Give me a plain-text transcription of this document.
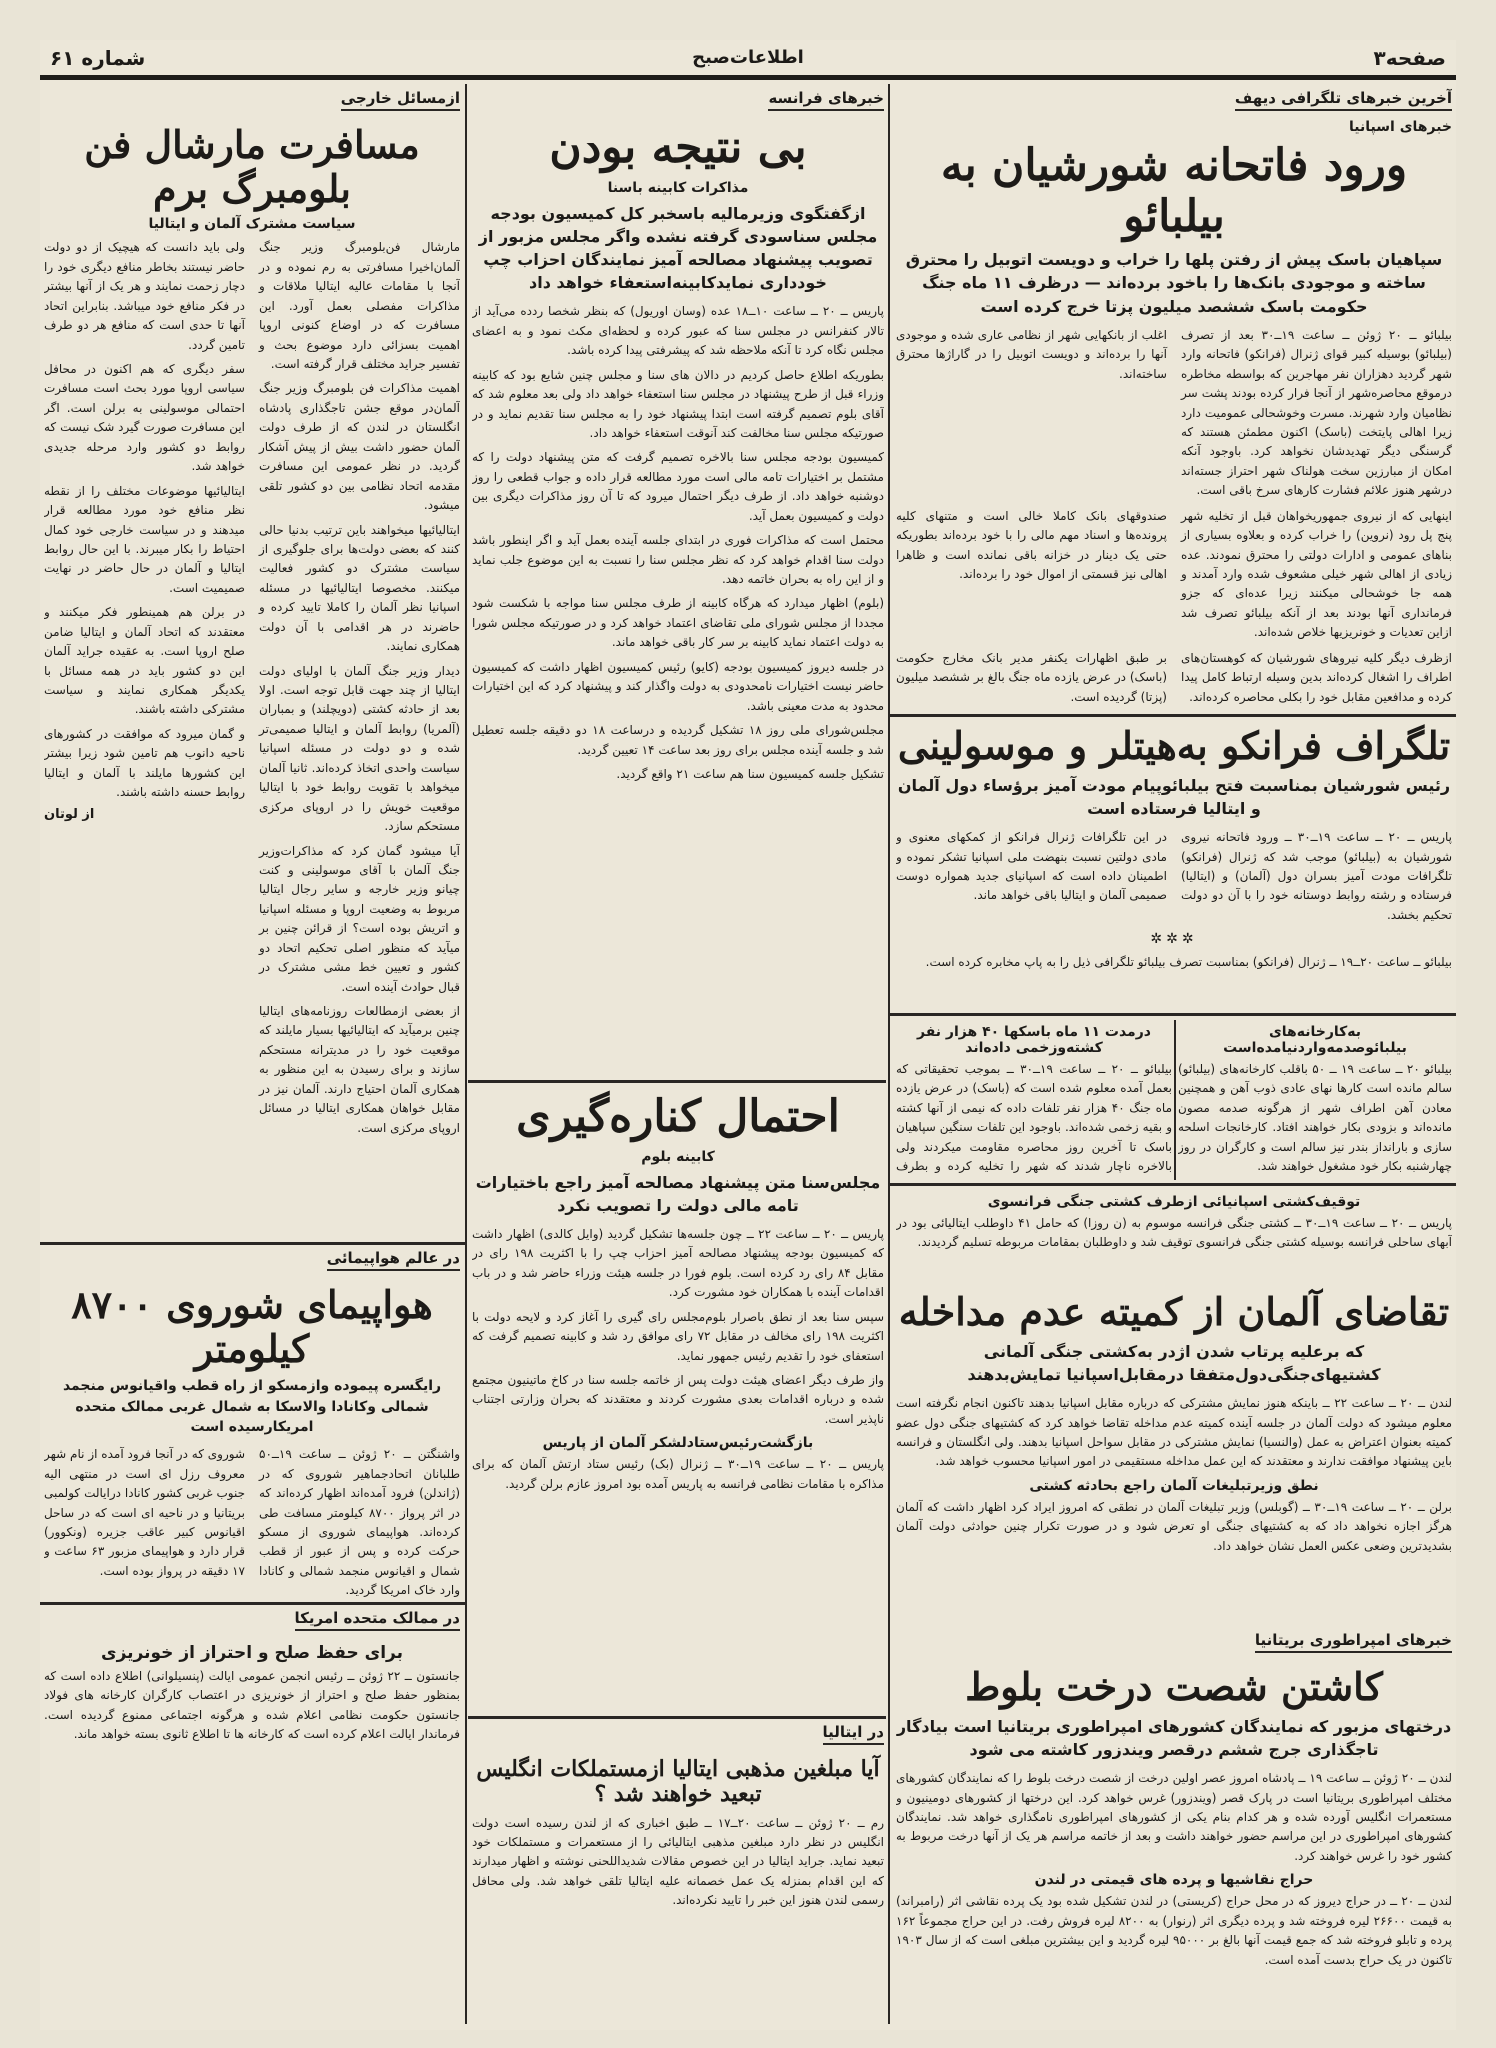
صفحه۳
اطلاعات‌صبح
شماره ۶۱
آخرین خبرهای تلگرافی دیهف
خبرهای اسپانیا
ورود فاتحانه شورشیان به بیلبائو
سپاهیان باسک پیش از رفتن پلها را خراب و دویست اتوبیل را محترق ساخته و موجودی بانک‌ها را باخود برده‌اند — درظرف ۱۱ ماه جنگ حکومت باسک ششصد میلیون پزتا خرج کرده است

بیلبائو ــ ۲۰ ژوئن ــ ساعت ۱۹ــ۳۰ بعد از تصرف (بیلبائو) بوسیله کبیر قوای ژنرال (فرانکو) فاتحانه وارد شهر گردید دهزاران نفر مهاجرین که بواسطه مخاطره درموقع محاصره‌شهر از آنجا فرار کرده بودند پشت سر نظامیان وارد شهرند. مسرت وخوشحالی عمومیت دارد زیرا اهالی پایتخت (باسک) اکنون مطمئن هستند که گرسنگی دیگر تهدیدشان نخواهد کرد. باوجود آنکه امکان از مبارزین سخت هولناک شهر احتراز جسته‌اند درشهر هنوز علائم فشارت کارهای سرخ باقی است.

اغلب از بانکهایی شهر از نظامی عاری شده و موجودی آنها را برده‌اند و دویست اتوبیل را در گاراژها محترق ساخته‌اند.

اینهایی که از نیروی جمهوریخواهان قبل از تخلیه شهر پنج پل رود (نروین) را خراب کرده و بعلاوه بسیاری از بناهای عمومی و ادارات دولتی را محترق نمودند. عده زیادی از اهالی شهر خیلی مشعوف شده وارد آمدند و همه جا خوشحالی میکنند زیرا عده‌ای که جزو فرمانداری آنها بودند بعد از آنکه بیلبائو تصرف شد ازاین تعدیات و خونریزیها خلاص شده‌اند.

صندوقهای بانک کاملا خالی است و متنهای کلیه پرونده‌ها و اسناد مهم مالی را با خود برده‌اند بطوریکه حتی یک دینار در خزانه باقی نمانده است و ظاهرا اهالی نیز قسمتی از اموال خود را برده‌اند.

ازظرف دیگر کلیه نیروهای شورشیان که کوهستان‌های اطراف را اشغال کرده‌اند بدین وسیله ارتباط کامل پیدا کرده و مدافعین مقابل خود را بکلی محاصره کرده‌اند.

بر طبق اظهارات یکنفر مدیر بانک مخارج حکومت (باسک) در عرض یازده ماه جنگ بالغ بر ششصد میلیون (پزتا) گردیده است.

تلگراف فرانکو به‌هیتلر و موسولینی
رئیس شورشیان بمناسبت فتح بیلبائوپیام مودت آمیز برؤساء دول آلمان و ایتالیا فرستاده است

پاریس ــ ۲۰ ــ ساعت ۱۹ــ۳۰ ــ ورود فاتحانه نیروی شورشیان به (بیلبائو) موجب شد که ژنرال (فرانکو) تلگرافات مودت آمیز بسران دول (آلمان) و (ایتالیا) فرستاده و رشته روابط دوستانه خود را با آن دو دولت تحکیم بخشد.

در این تلگرافات ژنرال فرانکو از کمکهای معنوی و مادی دولتین نسبت بنهضت ملی اسپانیا تشکر نموده و اطمینان داده است که اسپانیای جدید همواره دوست صمیمی آلمان و ایتالیا باقی خواهد ماند.

✲✲✲

بیلبائو ــ ساعت ۲۰ــ۱۹ ــ ژنرال (فرانکو) بمناسبت تصرف بیلبائو تلگرافی ذیل را به پاپ مخابره کرده است.

درمدت ۱۱ ماه باسکها ۴۰ هزار نفر کشته‌وزخمی داده‌اند

بیلبائو ــ ۲۰ ــ ساعت ۱۹ــ۳۰ ــ بموجب تحقیقاتی که بعمل آمده معلوم شده است که (باسک) در عرض یازده ماه جنگ ۴۰ هزار نفر تلفات داده که نیمی از آنها کشته و بقیه زخمی شده‌اند. باوجود این تلفات سنگین سپاهیان باسک تا آخرین روز محاصره مقاومت میکردند ولی بالاخره ناچار شدند که شهر را تخلیه کرده و بطرف

به‌کارخانه‌های بیلبائوصدمه‌واردنیامده‌است

بیلبائو ۲۰ ــ ساعت ۱۹ ــ ۵۰ باقلب کارخانه‌های (بیلبائو) سالم مانده است کارها نهای عادی ذوب آهن و همچنین معادن آهن اطراف شهر از هرگونه صدمه مصون مانده‌اند و بزودی بکار خواهند افتاد. کارخانجات اسلحه سازی و بارانداز بندر نیز سالم است و کارگران در روز چهارشنبه بکار خود مشغول خواهند شد.

توقیف‌کشتی اسپانیائی ازطرف کشتی جنگی فرانسوی

پاریس ــ ۲۰ ــ ساعت ۱۹ــ۳۰ ــ کشتی جنگی فرانسه موسوم به (ن روزا) که حامل ۴۱ داوطلب ایتالیائی بود در آبهای ساحلی فرانسه بوسیله کشتی جنگی فرانسوی توقیف شد و داوطلبان بمقامات مربوطه تسلیم گردیدند.

تقاضای آلمان از کمیته عدم مداخله
که برعلیه پرتاب شدن اژدر به‌کشتی جنگی آلمانی کشتیهای‌جنگی‌دول‌متفقا درمقابل‌اسپانیا تمایش‌بدهند

لندن ــ ۲۰ ــ ساعت ۲۲ ــ باینکه هنوز نمایش مشترکی که درباره مقابل اسپانیا بدهند تاکنون انجام نگرفته است معلوم میشود که دولت آلمان در جلسه آینده کمیته عدم مداخله تقاضا خواهد کرد که کشتیهای جنگی دول عضو کمیته بعنوان اعتراض به عمل (والنسیا) نمایش مشترکی در مقابل سواحل اسپانیا بدهند. ولی انگلستان و فرانسه باین پیشنهاد موافقت ندارند و معتقدند که این عمل مداخله مستقیمی در امور اسپانیا محسوب خواهد شد.

نطق وزیرتبلیغات آلمان راجع بحادثه کشتی

برلن ــ ۲۰ ــ ساعت ۱۹ــ۳۰ ــ (گوبلس) وزیر تبلیغات آلمان در نطقی که امروز ایراد کرد اظهار داشت که آلمان هرگز اجازه نخواهد داد که به کشتیهای جنگی او تعرض شود و در صورت تکرار چنین حوادثی دولت آلمان بشدیدترین وضعی عکس العمل نشان خواهد داد.

خبرهای امپراطوری بریتانیا
کاشتن شصت درخت بلوط
درختهای مزبور که نمایندگان کشورهای امپراطوری بریتانیا است بیادگار تاجگذاری جرج ششم درقصر ویندزور کاشته می شود

لندن ــ ۲۰ ژوئن ــ ساعت ۱۹ ــ پادشاه امروز عصر اولین درخت از شصت درخت بلوط را که نمایندگان کشورهای مختلف امپراطوری بریتانیا است در پارک قصر (ویندزور) غرس خواهد کرد. این درختها از کشورهای دومینیون و مستعمرات انگلیس آورده شده و هر کدام بنام یکی از کشورهای امپراطوری نامگذاری خواهد شد. نمایندگان کشورهای امپراطوری در این مراسم حضور خواهند داشت و بعد از خاتمه مراسم هر یک از آنها درخت مربوط به کشور خود را غرس خواهند کرد.

حراج نقاشیها و پرده های قیمتی در لندن

لندن ــ ۲۰ ــ در حراج دیروز که در محل حراج (کریستی) در لندن تشکیل شده بود یک پرده نقاشی اثر (رامبراند) به قیمت ۲۶۶۰۰ لیره فروخته شد و پرده دیگری اثر (رنوار) به ۸۲۰۰ لیره فروش رفت. در این حراج مجموعاً ۱۶۲ پرده و تابلو فروخته شد که جمع قیمت آنها بالغ بر ۹۵۰۰۰ لیره گردید و این بیشترین مبلغی است که از سال ۱۹۰۳ تاکنون در یک حراج بدست آمده است.

خبرهای فرانسه
بی نتیجه بودن
مذاکرات کابینه باسنا
ازگفتگوی وزیرمالیه باسخبر کل کمیسیون بودجه مجلس سناسودی گرفته نشده واگر مجلس مزبور از تصویب پیشنهاد مصالحه آمیز نمایندگان احزاب چپ خودداری نمایدکابینه‌استعفاء خواهد داد

پاریس ــ ۲۰ ــ ساعت ۱۰ــ۱۸ عده (وسان اوریول) که بنظر شخصا ردده می‌آید از تالار کنفرانس در مجلس سنا که عبور کرده و لحظه‌ای مکث نمود و به اعضای مجلس نگاه کرد تا آنکه ملاحظه شد که پیشرفتی پیدا کرده باشد.

بطوریکه اطلاع حاصل کردیم در دالان های سنا و مجلس چنین شایع بود که کابینه وزراء قبل از طرح پیشنهاد در مجلس سنا استعفاء خواهد داد ولی بعد معلوم شد که آقای بلوم تصمیم گرفته است ابتدا پیشنهاد خود را به مجلس سنا تقدیم نماید و در صورتیکه مجلس سنا مخالفت کند آنوقت استعفاء خواهد داد.

کمیسیون بودجه مجلس سنا بالاخره تصمیم گرفت که متن پیشنهاد دولت را که مشتمل بر اختیارات تامه مالی است مورد مطالعه قرار داده و جواب قطعی را روز دوشنبه خواهد داد. از طرف دیگر احتمال میرود که تا آن روز مذاکرات دیگری بین دولت و کمیسیون بعمل آید.

محتمل است که مذاکرات فوری در ابتدای جلسه آینده بعمل آید و اگر اینطور باشد دولت سنا اقدام خواهد کرد که نظر مجلس سنا را نسبت به این موضوع جلب نماید و از این راه به بحران خاتمه دهد.

(بلوم) اظهار میدارد که هرگاه کابینه از طرف مجلس سنا مواجه با شکست شود مجددا از مجلس شورای ملی تقاضای اعتماد خواهد کرد و در صورتیکه مجلس شورا به دولت اعتماد نماید کابینه بر سر کار باقی خواهد ماند.

در جلسه دیروز کمیسیون بودجه (کایو) رئیس کمیسیون اظهار داشت که کمیسیون حاضر نیست اختیارات نامحدودی به دولت واگذار کند و پیشنهاد کرد که این اختیارات محدود به مدت معینی باشد.

مجلس‌شورای ملی روز ۱۸ تشکیل گردیده و درساعت ۱۸ دو دقیقه جلسه تعطیل شد و جلسه آینده مجلس برای روز بعد ساعت ۱۴ تعیین گردید.

تشکیل جلسه کمیسیون سنا هم ساعت ۲۱ واقع گردید.

احتمال کناره‌گیری
کابینه بلوم
مجلس‌سنا متن پیشنهاد مصالحه آمیز راجع باختیارات تامه مالی دولت را تصویب نکرد

پاریس ــ ۲۰ ــ ساعت ۲۲ ــ چون جلسه‌ها تشکیل گردید (وایل کالدی) اظهار داشت که کمیسیون بودجه پیشنهاد مصالحه آمیز احزاب چپ را با اکثریت ۱۹۸ رای در مقابل ۸۴ رای رد کرده است. بلوم فورا در جلسه هیئت وزراء حاضر شد و در باب اقدامات آینده با همکاران خود مشورت کرد.

سپس سنا بعد از نطق باصرار بلوم‌مجلس رای گیری را آغاز کرد و لایحه دولت با اکثریت ۱۹۸ رای مخالف در مقابل ۷۲ رای موافق رد شد و کابینه تصمیم گرفت که استعفای خود را تقدیم رئیس جمهور نماید.

واز طرف دیگر اعضای هیئت دولت پس از خاتمه جلسه سنا در کاخ ماتینیون مجتمع شده و درباره اقدامات بعدی مشورت کردند و معتقدند که بحران وزارتی اجتناب ناپذیر است.

بازگشت‌رئیس‌ستاد‌لشکر آلمان از پاریس

پاریس ــ ۲۰ ــ ساعت ۱۹ــ۳۰ ــ ژنرال (بک) رئیس ستاد ارتش آلمان که برای مذاکره با مقامات نظامی فرانسه به پاریس آمده بود امروز عازم برلن گردید.

در ایتالیا
آیا مبلغین مذهبی ایتالیا ازمستملکات انگلیس تبعید خواهند شد ؟

رم ــ ۲۰ ژوئن ــ ساعت ۲۰ــ۱۷ ــ طبق اخباری که از لندن رسیده است دولت انگلیس در نظر دارد مبلغین مذهبی ایتالیائی را از مستعمرات و مستملکات خود تبعید نماید. جراید ایتالیا در این خصوص مقالات شدیداللحنی نوشته و اظهار میدارند که این اقدام بمنزله یک عمل خصمانه علیه ایتالیا تلقی خواهد شد. ولی محافل رسمی لندن هنوز این خبر را تایید نکرده‌اند.

ازمسائل خارجی
مسافرت مارشال فن بلومبرگ برم
سیاست مشترک آلمان و ایتالیا

مارشال فن‌بلومبرگ وزیر جنگ آلمان‌اخیرا مسافرتی به رم نموده و در آنجا با مقامات عالیه ایتالیا ملاقات و مذاکرات مفصلی بعمل آورد. این مسافرت که در اوضاع کنونی اروپا اهمیت بسزائی دارد موضوع بحث و تفسیر جراید مختلف قرار گرفته است.

اهمیت مذاکرات فن بلومبرگ وزیر جنگ آلمان‌در موقع جشن تاجگذاری پادشاه انگلستان در لندن که از طرف دولت آلمان حضور داشت بیش از پیش آشکار گردید. در نظر عمومی این مسافرت مقدمه اتحاد نظامی بین دو کشور تلقی میشود.

ایتالیائیها میخواهند باین ترتیب بدنیا حالی کنند که بعضی دولت‌ها برای جلوگیری از سیاست مشترک دو کشور فعالیت میکنند. مخصوصا ایتالیائیها در مسئله اسپانیا نظر آلمان را کاملا تایید کرده و حاضرند در هر اقدامی با آن دولت همکاری نمایند.

دیدار وزیر جنگ آلمان با اولیای دولت ایتالیا از چند جهت قابل توجه است. اولا بعد از حادثه کشتی (دویچلند) و بمباران (آلمریا) روابط آلمان و ایتالیا صمیمی‌تر شده و دو دولت در مسئله اسپانیا سیاست واحدی اتخاذ کرده‌اند. ثانیا آلمان میخواهد با تقویت روابط خود با ایتالیا موقعیت خویش را در اروپای مرکزی مستحکم سازد.

آیا میشود گمان کرد که مذاکرات‌وزیر جنگ آلمان با آقای موسولینی و کنت چیانو وزیر خارجه و سایر رجال ایتالیا مربوط به وضعیت اروپا و مسئله اسپانیا و اتریش بوده است؟ از قرائن چنین بر میآید که منظور اصلی تحکیم اتحاد دو کشور و تعیین خط مشی مشترک در قبال حوادث آینده است.

از بعضی ازمطالعات روزنامه‌های ایتالیا چنین برمیآید که ایتالیائیها بسیار مایلند که موقعیت خود را در مدیترانه مستحکم سازند و برای رسیدن به این منظور به همکاری آلمان احتیاج دارند. آلمان نیز در مقابل خواهان همکاری ایتالیا در مسائل اروپای مرکزی است.

ولی باید دانست که هیچیک از دو دولت حاضر نیستند بخاطر منافع دیگری خود را دچار زحمت نمایند و هر یک از آنها بیشتر در فکر منافع خود میباشد. بنابراین اتحاد آنها تا حدی است که منافع هر دو طرف تامین گردد.

سفر دیگری که هم اکنون در محافل سیاسی اروپا مورد بحث است مسافرت احتمالی موسولینی به برلن است. اگر این مسافرت صورت گیرد شک نیست که روابط دو کشور وارد مرحله جدیدی خواهد شد.

ایتالیائیها موضوعات مختلف را از نقطه نظر منافع خود مورد مطالعه قرار میدهند و در سیاست خارجی خود کمال احتیاط را بکار میبرند. با این حال روابط ایتالیا و آلمان در حال حاضر در نهایت صمیمیت است.

در برلن هم همینطور فکر میکنند و معتقدند که اتحاد آلمان و ایتالیا ضامن صلح اروپا است. به عقیده جراید آلمان این دو کشور باید در همه مسائل با یکدیگر همکاری نمایند و سیاست مشترکی داشته باشند.

و گمان میرود که موافقت در کشورهای ناحیه دانوب هم تامین شود زیرا بیشتر این کشورها مایلند با آلمان و ایتالیا روابط حسنه داشته باشند.

از لوتان
در عالم هواپیمائی
هواپیمای شوروی ۸۷۰۰ کیلومتر
رایگسره پیموده وازمسکو از راه قطب واقیانوس منجمد شمالی وکانادا والاسکا به شمال غربی ممالک متحده امریکارسیده است

واشنگتن ــ ۲۰ ژوئن ــ ساعت ۱۹ــ۵۰ طلبانان اتحادجماهیر شوروی که در (ژاندلن) فرود آمده‌اند اظهار کرده‌اند که در اثر پرواز ۸۷۰۰ کیلومتر مسافت طی کرده‌اند. هواپیمای شوروی از مسکو حرکت کرده و پس از عبور از قطب شمال و اقیانوس منجمد شمالی و کانادا وارد خاک امریکا گردید.

شوروی که در آنجا فرود آمده از نام شهر معروف رزل ای است در منتهی الیه جنوب غربی کشور کانادا درایالت کولمبی بریتانیا و در ناحیه ای است که در ساحل اقیانوس کبیر عاقب جزیره (ونکوور) قرار دارد و هواپیمای مزبور ۶۳ ساعت و ۱۷ دقیقه در پرواز بوده است.

در ممالک متحده امریکا
برای حفظ صلح و احتراز از خونریزی

جانستون ــ ۲۲ ژوئن ــ رئیس انجمن عمومی ایالت (پنسیلوانی) اطلاع داده است که بمنظور حفظ صلح و احتراز از خونریزی در اعتصاب کارگران کارخانه های فولاد جانستون حکومت نظامی اعلام شده و هرگونه اجتماعی ممنوع گردیده است. فرماندار ایالت اعلام کرده است که کارخانه ها تا اطلاع ثانوی بسته خواهد ماند.
